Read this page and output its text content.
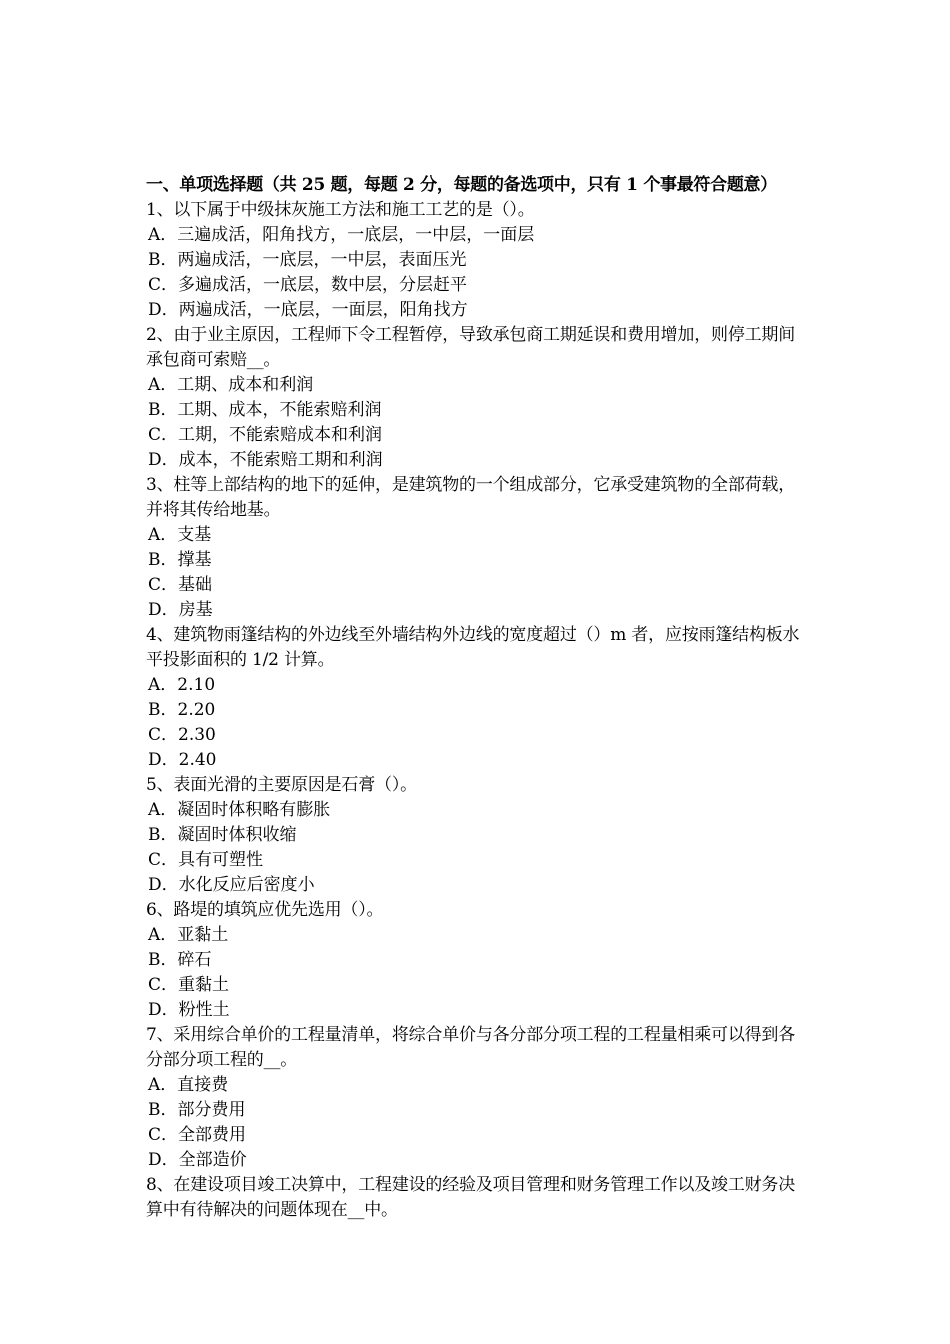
一、单项选择题（共 25 题，每题 2 分，每题的备选项中，只有 1 个事最符合题意）
1、以下属于中级抹灰施工方法和施工工艺的是（）。
A．三遍成活，阳角找方，一底层，一中层，一面层
B．两遍成活，一底层，一中层，表面压光
C．多遍成活，一底层，数中层，分层赶平
D．两遍成活，一底层，一面层，阳角找方
2、由于业主原因，工程师下令工程暂停，导致承包商工期延误和费用增加，则停工期间承包商可索赔__。
A．工期、成本和利润
B．工期、成本，不能索赔利润
C．工期，不能索赔成本和利润
D．成本，不能索赔工期和利润
3、柱等上部结构的地下的延伸，是建筑物的一个组成部分，它承受建筑物的全部荷载，并将其传给地基。
A．支基
B．撑基
C．基础
D．房基
4、建筑物雨篷结构的外边线至外墙结构外边线的宽度超过（）m 者，应按雨篷结构板水平投影面积的 1/2 计算。
A．2.10
B．2.20
C．2.30
D．2.40
5、表面光滑的主要原因是石膏（）。
A．凝固时体积略有膨胀
B．凝固时体积收缩
C．具有可塑性
D．水化反应后密度小
6、路堤的填筑应优先选用（）。
A．亚黏土
B．碎石
C．重黏土
D．粉性土
7、采用综合单价的工程量清单，将综合单价与各分部分项工程的工程量相乘可以得到各分部分项工程的__。
A．直接费
B．部分费用
C．全部费用
D．全部造价
8、在建设项目竣工决算中，工程建设的经验及项目管理和财务管理工作以及竣工财务决算中有待解决的问题体现在__中。
